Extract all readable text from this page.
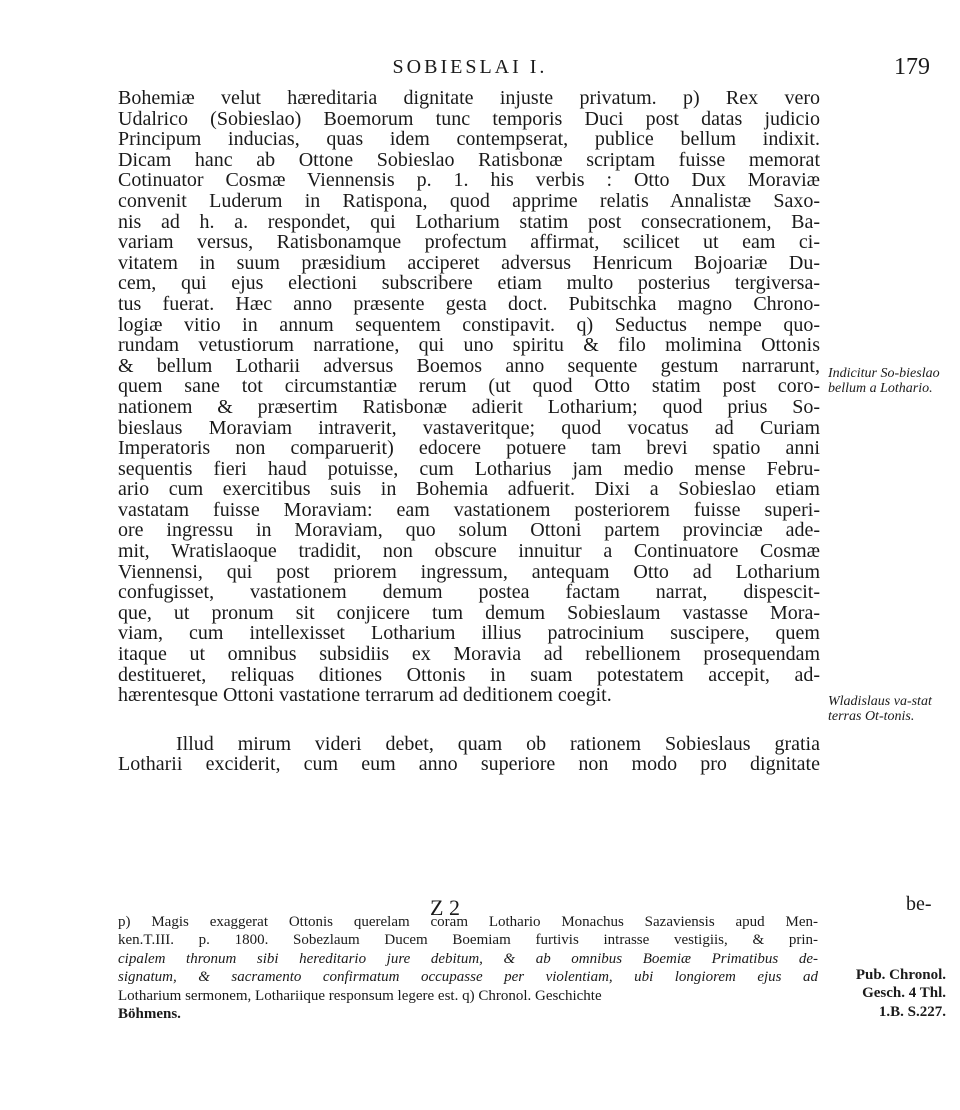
SOBIESLAI I.	179
Bohemiæ velut hæreditaria dignitate injuste privatum. p) Rex vero
Udalrico (Sobieslao) Boemorum tunc temporis Duci post datas judicio
Principum inducias, quas idem contempserat, publice bellum indixit.
Dicam hanc ab Ottone Sobieslao Ratisbonæ scriptam fuisse memorat
Cotinuator Cosmæ Viennensis p. 1. his verbis : Otto Dux Moraviæ
convenit Luderum in Ratispona, quod apprime relatis Annalistæ Saxo-
nis ad h. a. respondet, qui Lotharium statim post consecrationem, Ba-
variam versus, Ratisbonamque profectum affirmat, scilicet ut eam ci-
vitatem in suum præsidium acciperet adversus Henricum Bojoariæ Du-
cem, qui ejus electioni subscribere etiam multo posterius tergiversa-
tus fuerat. Hæc anno præsente gesta doct. Pubitschka magno Chrono-
logiæ vitio in annum sequentem constipavit. q) Seductus nempe quo-
rundam vetustiorum narratione, qui uno spiritu & filo molimina Ottonis
& bellum Lotharii adversus Boemos anno sequente gestum narrarunt,
quem sane tot circumstantiæ rerum (ut quod Otto statim post coro-
nationem & præsertim Ratisbonæ adierit Lotharium; quod prius So-
bieslaus Moraviam intraverit, vastaveritque; quod vocatus ad Curiam
Imperatoris non comparuerit) edocere potuere tam brevi spatio anni
sequentis fieri haud potuisse, cum Lotharius jam medio mense Febru-
ario cum exercitibus suis in Bohemia adfuerit. Dixi a Sobieslao etiam
vastatam fuisse Moraviam: eam vastationem posteriorem fuisse superi-
ore ingressu in Moraviam, quo solum Ottoni partem provinciæ ade-
mit, Wratislaoque tradidit, non obscure innuitur a Continuatore Cosmæ
Viennensi, qui post priorem ingressum, antequam Otto ad Lotharium
confugisset, vastationem demum postea factam narrat, dispescit-
que, ut pronum sit conjicere tum demum Sobieslaum vastasse Mora-
viam, cum intellexisset Lotharium illius patrocinium suscipere, quem
itaque ut omnibus subsidiis ex Moravia ad rebellionem prosequendam
destitueret, reliquas ditiones Ottonis in suam potestatem accepit, ad-
hærentesque Ottoni vastatione terrarum ad deditionem coegit.
Illud mirum videri debet, quam ob rationem Sobieslaus gratia
Lotharii exciderit, cum eum anno superiore non modo pro dignitate
Indicitur So-bieslao bellum a Lothario.
Wladislaus va-stat terras Ot-tonis.
Z 2	be-
p) Magis exaggerat Ottonis querelam coram Lothario Monachus Sazaviensis apud Men-
ken.T.III. p. 1800. Sobezlaum Ducem Boemiam furtivis intrasse vestigiis, & prin-
cipalem thronum sibi hereditario jure debitum, & ab omnibus Boemiæ Primatibus de-
signatum, & sacramento confirmatum occupasse per violentiam, ubi longiorem ejus ad
Lotharium sermonem, Lothariique responsum legere est. q) Chronol. Geschichte
Böhmens.
Pub. Chronol.
Gesch. 4 Thl.
1.B. S.227.
